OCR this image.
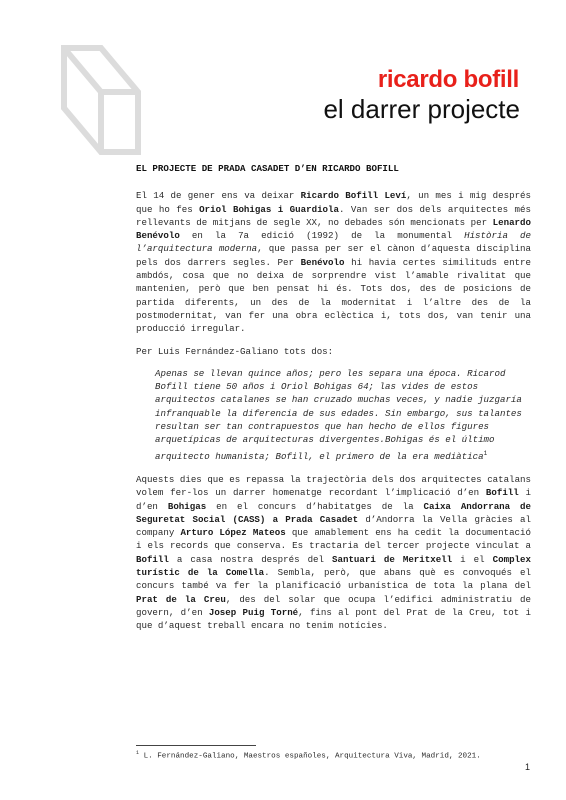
ricardo bofill
el darrer projecte
EL PROJECTE DE PRADA CASADET D’EN RICARDO BOFILL

El 14 de gener ens va deixar Ricardo Bofill Leví, un mes i mig després que ho fes Oriol Bohigas i Guardiola. Van ser dos dels arquitectes més rellevants de mitjans de segle XX, no debades són mencionats per Lenardo Benévolo en la 7a edició (1992) de la monumental Història de l’arquitectura moderna, que passa per ser el cànon d’aquesta disciplina pels dos darrers segles. Per Benévolo hi havia certes similituds entre ambdós, cosa que no deixa de sorprendre vist l’amable rivalitat que mantenien, però que ben pensat hi és. Tots dos, des de posicions de partida diferents, un des de la modernitat i l’altre des de la postmodernitat, van fer una obra eclèctica i, tots dos, van tenir una producció irregular.

Per Luis Fernández-Galiano tots dos:

Apenas se llevan quince años; pero les separa una época. Ricarod Bofill tiene 50 años i Oriol Bohigas 64; las vides de estos arquitectos catalanes se han cruzado muchas veces, y nadie juzgaría infranquable la diferencia de sus edades. Sin embargo, sus talantes resultan ser tan contrapuestos que han hecho de ellos figures arquetípicas de arquitecturas divergentes.Bohigas és el último arquitecto humanista; Bofill, el primero de la era mediàtica$^1$

Aquests dies que es repassa la trajectòria dels dos arquitectes catalans volem fer-los un darrer homenatge recordant l’implicació d’en Bofill i d’en Bohigas en el concurs d’habitatges de la Caixa Andorrana de Seguretat Social (CASS) a Prada Casadet d’Andorra la Vella gràcies al company Arturo López Mateos que amablement ens ha cedit la documentació i els records que conserva. Es tractaria del tercer projecte vinculat a Bofill a casa nostra després del Santuari de Meritxell i el Complex turístic de la Comella. Sembla, però, que abans què es convoqués el concurs també va fer la planificació urbanística de tota la plana del Prat de la Creu, des del solar que ocupa l’edifici administratiu de govern, d’en Josep Puig Torné, fins al pont del Prat de la Creu, tot i que d’aquest treball encara no tenim notícies.

$^1$ L. Fernández-Galiano, Maestros españoles, Arquitectura Viva, Madrid, 2021.
1
